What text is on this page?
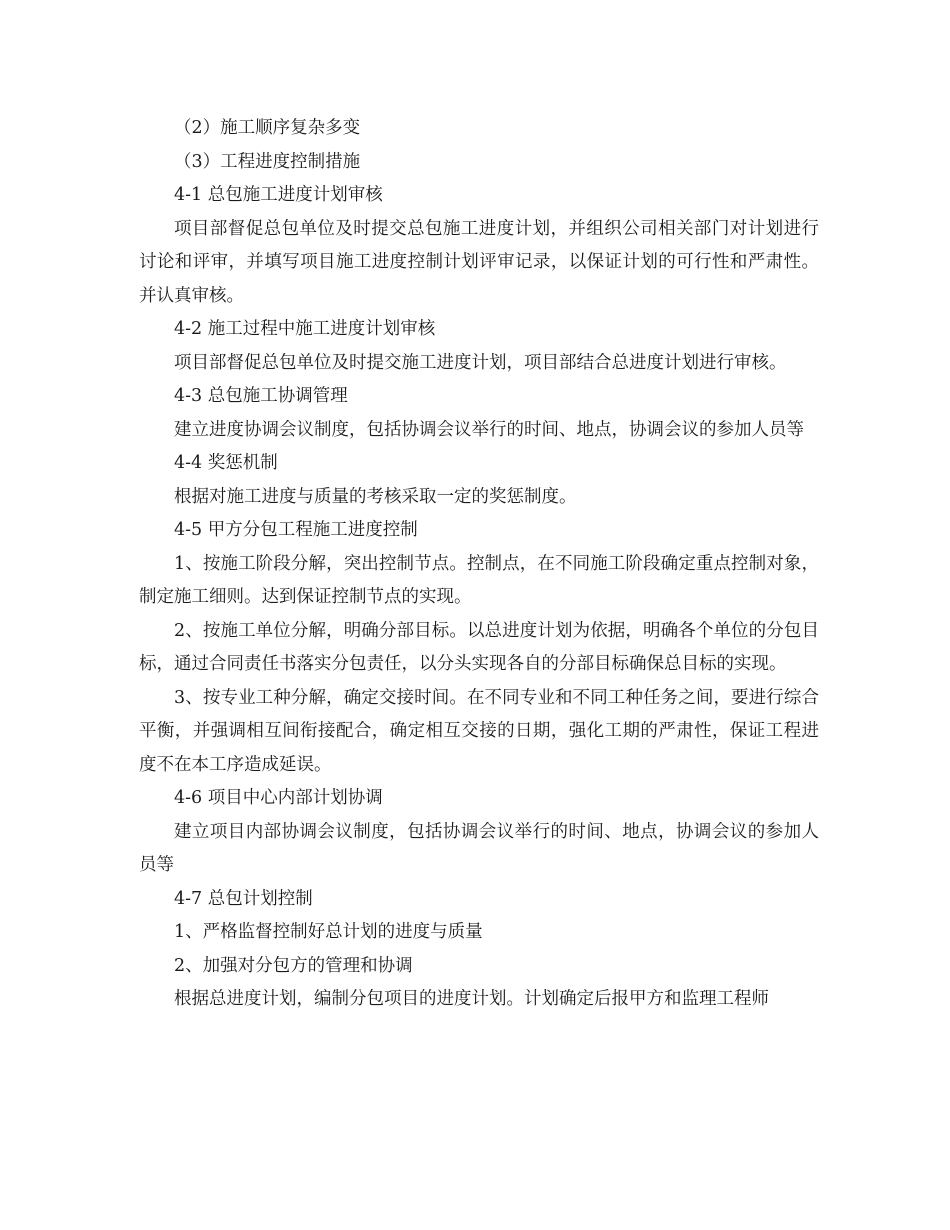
（2）施工顺序复杂多变

（3）工程进度控制措施

4-1 总包施工进度计划审核

项目部督促总包单位及时提交总包施工进度计划，并组织公司相关部门对计划进行讨论和评审，并填写项目施工进度控制计划评审记录，以保证计划的可行性和严肃性。并认真审核。

4-2 施工过程中施工进度计划审核

项目部督促总包单位及时提交施工进度计划，项目部结合总进度计划进行审核。

4-3 总包施工协调管理

建立进度协调会议制度，包括协调会议举行的时间、地点，协调会议的参加人员等

4-4 奖惩机制

根据对施工进度与质量的考核采取一定的奖惩制度。

4-5 甲方分包工程施工进度控制

1、按施工阶段分解，突出控制节点。控制点，在不同施工阶段确定重点控制对象，制定施工细则。达到保证控制节点的实现。

2、按施工单位分解，明确分部目标。以总进度计划为依据，明确各个单位的分包目标，通过合同责任书落实分包责任，以分头实现各自的分部目标确保总目标的实现。

3、按专业工种分解，确定交接时间。在不同专业和不同工种任务之间，要进行综合平衡，并强调相互间衔接配合，确定相互交接的日期，强化工期的严肃性，保证工程进度不在本工序造成延误。

4-6 项目中心内部计划协调

建立项目内部协调会议制度，包括协调会议举行的时间、地点，协调会议的参加人员等

4-7 总包计划控制

1、严格监督控制好总计划的进度与质量

2、加强对分包方的管理和协调

根据总进度计划，编制分包项目的进度计划。计划确定后报甲方和监理工程师
